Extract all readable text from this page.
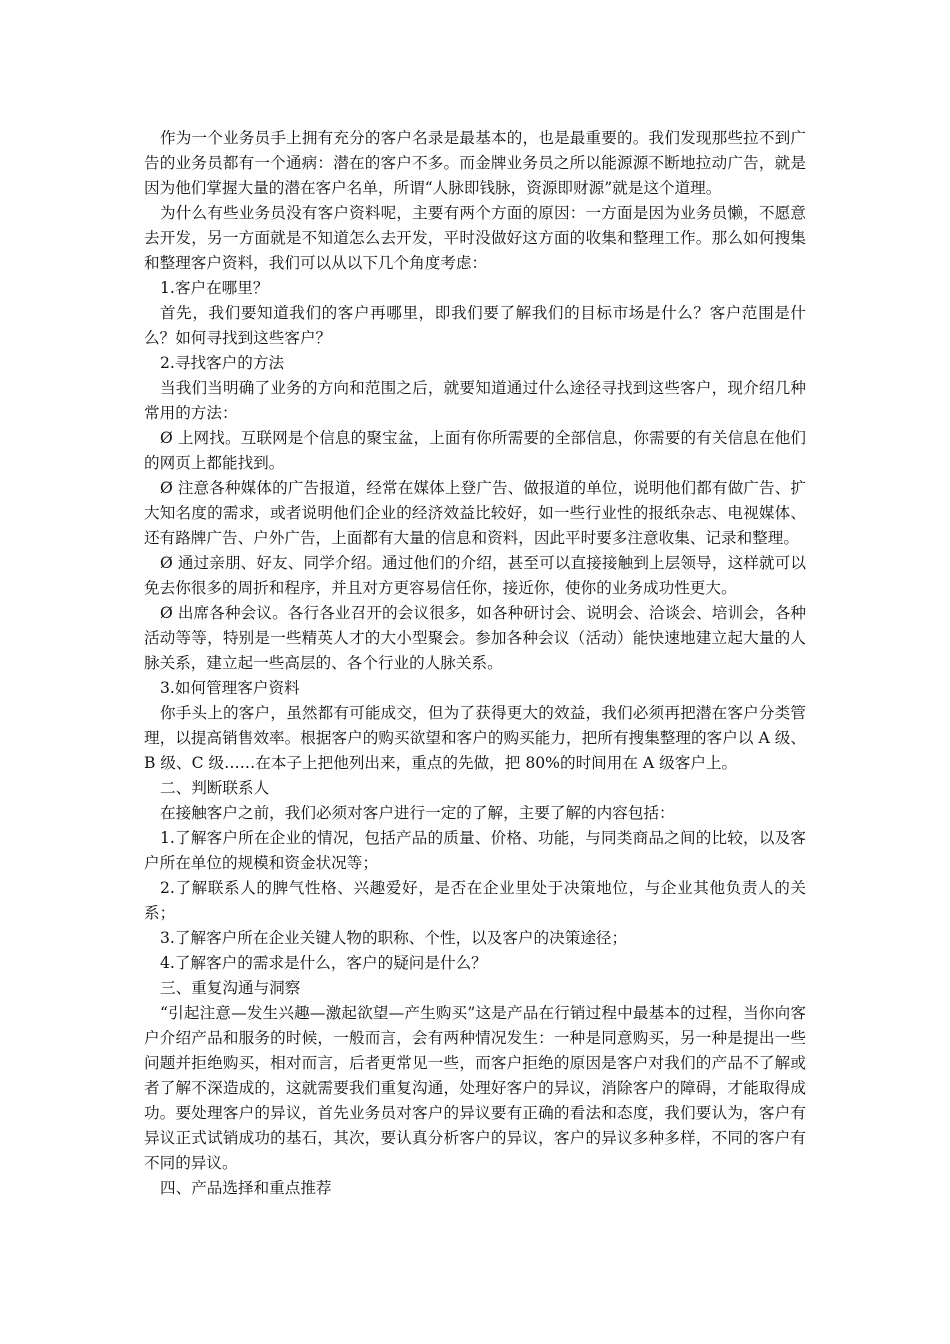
作为一个业务员手上拥有充分的客户名录是最基本的，也是最重要的。我们发现那些拉不到广告的业务员都有一个通病：潜在的客户不多。而金牌业务员之所以能源源不断地拉动广告，就是因为他们掌握大量的潜在客户名单，所谓“人脉即钱脉，资源即财源”就是这个道理。

为什么有些业务员没有客户资料呢，主要有两个方面的原因：一方面是因为业务员懒，不愿意去开发，另一方面就是不知道怎么去开发，平时没做好这方面的收集和整理工作。那么如何搜集和整理客户资料，我们可以从以下几个角度考虑：

1.客户在哪里？

首先，我们要知道我们的客户再哪里，即我们要了解我们的目标市场是什么？客户范围是什么？如何寻找到这些客户？

2.寻找客户的方法

当我们当明确了业务的方向和范围之后，就要知道通过什么途径寻找到这些客户，现介绍几种常用的方法：

Ø 上网找。互联网是个信息的聚宝盆，上面有你所需要的全部信息，你需要的有关信息在他们的网页上都能找到。

Ø 注意各种媒体的广告报道，经常在媒体上登广告、做报道的单位，说明他们都有做广告、扩大知名度的需求，或者说明他们企业的经济效益比较好，如一些行业性的报纸杂志、电视媒体、还有路牌广告、户外广告，上面都有大量的信息和资料，因此平时要多注意收集、记录和整理。

Ø 通过亲朋、好友、同学介绍。通过他们的介绍，甚至可以直接接触到上层领导，这样就可以免去你很多的周折和程序，并且对方更容易信任你，接近你，使你的业务成功性更大。

Ø 出席各种会议。各行各业召开的会议很多，如各种研讨会、说明会、洽谈会、培训会，各种活动等等，特别是一些精英人才的大小型聚会。参加各种会议（活动）能快速地建立起大量的人脉关系，建立起一些高层的、各个行业的人脉关系。

3.如何管理客户资料

你手头上的客户，虽然都有可能成交，但为了获得更大的效益，我们必须再把潜在客户分类管理，以提高销售效率。根据客户的购买欲望和客户的购买能力，把所有搜集整理的客户以 A 级、B 级、C 级……在本子上把他列出来，重点的先做，把 80%的时间用在 A 级客户上。

二、判断联系人

在接触客户之前，我们必须对客户进行一定的了解，主要了解的内容包括：

1.了解客户所在企业的情况，包括产品的质量、价格、功能，与同类商品之间的比较，以及客户所在单位的规模和资金状况等；

2.了解联系人的脾气性格、兴趣爱好，是否在企业里处于决策地位，与企业其他负责人的关系；

3.了解客户所在企业关键人物的职称、个性，以及客户的决策途径；

4.了解客户的需求是什么，客户的疑问是什么？

三、重复沟通与洞察

“引起注意—发生兴趣—激起欲望—产生购买”这是产品在行销过程中最基本的过程，当你向客户介绍产品和服务的时候，一般而言，会有两种情况发生：一种是同意购买，另一种是提出一些问题并拒绝购买，相对而言，后者更常见一些，而客户拒绝的原因是客户对我们的产品不了解或者了解不深造成的，这就需要我们重复沟通，处理好客户的异议，消除客户的障碍，才能取得成功。要处理客户的异议，首先业务员对客户的异议要有正确的看法和态度，我们要认为，客户有异议正式试销成功的基石，其次，要认真分析客户的异议，客户的异议多种多样，不同的客户有不同的异议。

四、产品选择和重点推荐
